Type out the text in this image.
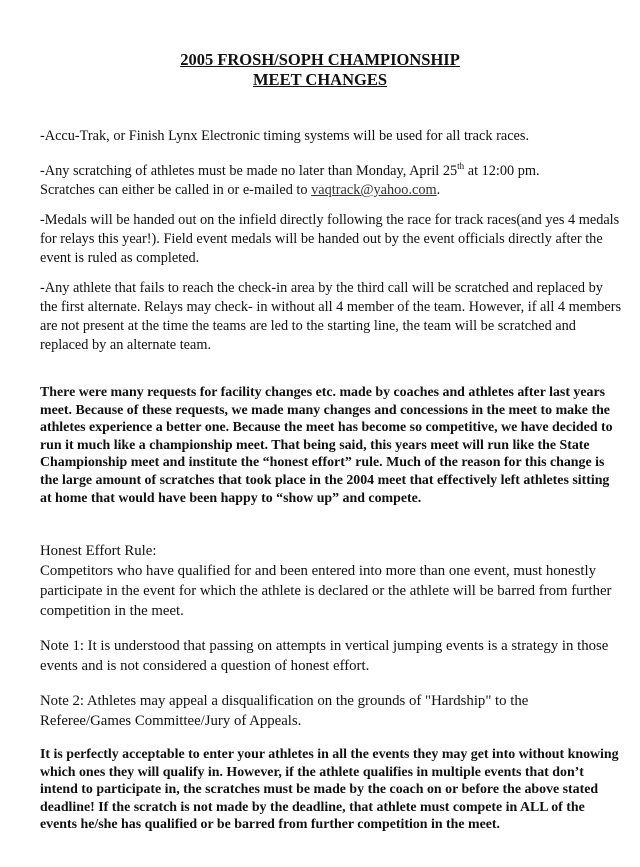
2005 FROSH/SOPH CHAMPIONSHIP

MEET CHANGES

-Accu-Trak, or Finish Lynx Electronic timing systems will be used for all track races.

-Any scratching of athletes must be made no later than Monday, April 25th at 12:00 pm.
Scratches can either be called in or e-mailed to vaqtrack@yahoo.com.

-Medals will be handed out on the infield directly following the race for track races(and yes 4 medals for relays this year!). Field event medals will be handed out by the event officials directly after the event is ruled as completed.

-Any athlete that fails to reach the check-in area by the third call will be scratched and replaced by the first alternate. Relays may check- in without all 4 member of the team. However, if all 4 members are not present at the time the teams are led to the starting line, the team will be scratched and replaced by an alternate team.

There were many requests for facility changes etc. made by coaches and athletes after last years meet. Because of these requests, we made many changes and concessions in the meet to make the athletes experience a better one. Because the meet has become so competitive, we have decided to run it much like a championship meet. That being said, this years meet will run like the State Championship meet and institute the “honest effort” rule. Much of the reason for this change is the large amount of scratches that took place in the 2004 meet that effectively left athletes sitting at home that would have been happy to “show up” and compete.

Honest Effort Rule:

Competitors who have qualified for and been entered into more than one event, must honestly participate in the event for which the athlete is declared or the athlete will be barred from further competition in the meet.

Note 1: It is understood that passing on attempts in vertical jumping events is a strategy in those events and is not considered a question of honest effort.

Note 2: Athletes may appeal a disqualification on the grounds of "Hardship" to the Referee/Games Committee/Jury of Appeals.

It is perfectly acceptable to enter your athletes in all the events they may get into without knowing which ones they will qualify in. However, if the athlete qualifies in multiple events that don’t intend to participate in, the scratches must be made by the coach on or before the above stated deadline! If the scratch is not made by the deadline, that athlete must compete in ALL of the events he/she has qualified or be barred from further competition in the meet.
